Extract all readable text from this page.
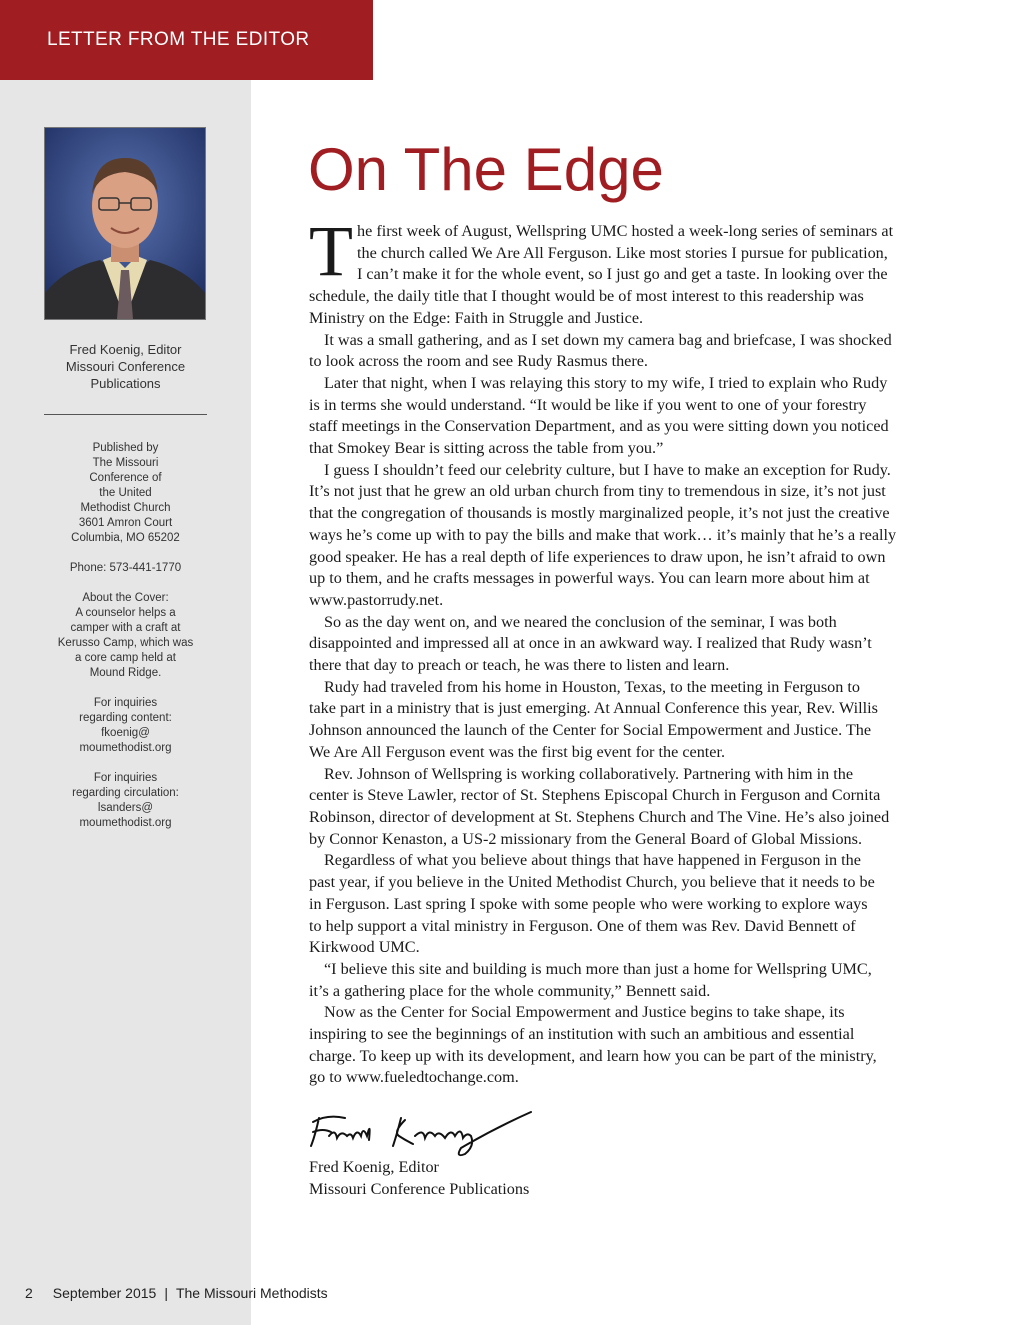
LETTER FROM THE EDITOR
Fred Koenig, Editor
Missouri Conference
Publications

Published by
The Missouri
Conference of
the United
Methodist Church
3601 Amron Court
Columbia, MO 65202

Phone: 573-441-1770

About the Cover:
A counselor helps a
camper with a craft at
Kerusso Camp, which was
a core camp held at
Mound Ridge.

For inquiries
regarding content:
fkoenig@
moumethodist.org

For inquiries
regarding circulation:
lsanders@
moumethodist.org

On The Edge
T he first week of August, Wellspring UMC hosted a week-long series of seminars at
the church called We Are All Ferguson. Like most stories I pursue for publication,
I can’t make it for the whole event, so I just go and get a taste. In looking over the
schedule, the daily title that I thought would be of most interest to this readership was
Ministry on the Edge: Faith in Struggle and Justice.
It was a small gathering, and as I set down my camera bag and briefcase, I was shocked
to look across the room and see Rudy Rasmus there.
Later that night, when I was relaying this story to my wife, I tried to explain who Rudy
is in terms she would understand. “It would be like if you went to one of your forestry
staff meetings in the Conservation Department, and as you were sitting down you noticed
that Smokey Bear is sitting across the table from you.”
I guess I shouldn’t feed our celebrity culture, but I have to make an exception for Rudy.
It’s not just that he grew an old urban church from tiny to tremendous in size, it’s not just
that the congregation of thousands is mostly marginalized people, it’s not just the creative
ways he’s come up with to pay the bills and make that work… it’s mainly that he’s a really
good speaker. He has a real depth of life experiences to draw upon, he isn’t afraid to own
up to them, and he crafts messages in powerful ways. You can learn more about him at
www.pastorrudy.net.
So as the day went on, and we neared the conclusion of the seminar, I was both
disappointed and impressed all at once in an awkward way. I realized that Rudy wasn’t
there that day to preach or teach, he was there to listen and learn.
Rudy had traveled from his home in Houston, Texas, to the meeting in Ferguson to
take part in a ministry that is just emerging. At Annual Conference this year, Rev. Willis
Johnson announced the launch of the Center for Social Empowerment and Justice. The
We Are All Ferguson event was the first big event for the center.
Rev. Johnson of Wellspring is working collaboratively. Partnering with him in the
center is Steve Lawler, rector of St. Stephens Episcopal Church in Ferguson and Cornita
Robinson, director of development at St. Stephens Church and The Vine. He’s also joined
by Connor Kenaston, a US-2 missionary from the General Board of Global Missions.
Regardless of what you believe about things that have happened in Ferguson in the
past year, if you believe in the United Methodist Church, you believe that it needs to be
in Ferguson. Last spring I spoke with some people who were working to explore ways
to help support a vital ministry in Ferguson. One of them was Rev. David Bennett of
Kirkwood UMC.
“I believe this site and building is much more than just a home for Wellspring UMC,
it’s a gathering place for the whole community,” Bennett said.
Now as the Center for Social Empowerment and Justice begins to take shape, its
inspiring to see the beginnings of an institution with such an ambitious and essential
charge. To keep up with its development, and learn how you can be part of the ministry,
go to www.fueledtochange.com.
Fred Koenig, Editor
Missouri Conference Publications
2 September 2015 | The Missouri Methodists
